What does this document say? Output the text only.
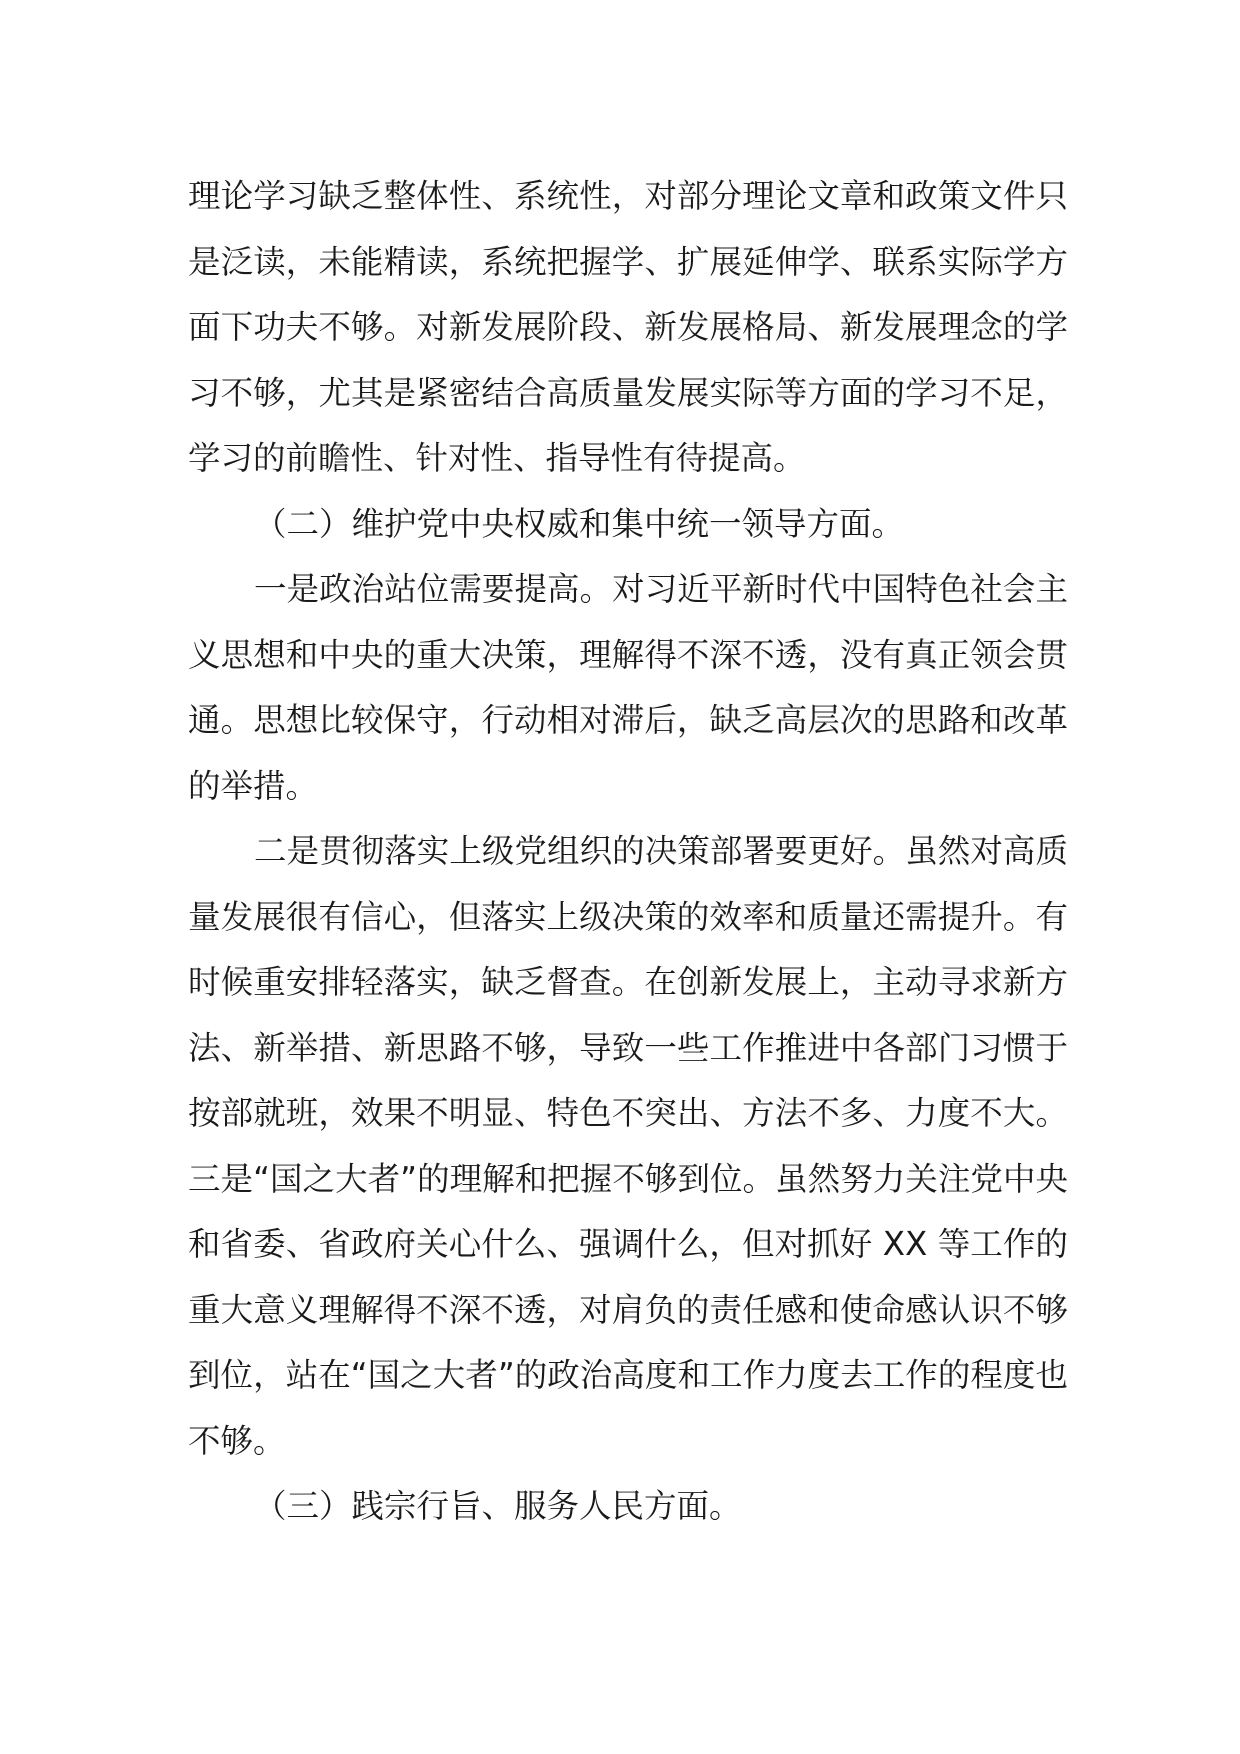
理论学习缺乏整体性、系统性，对部分理论文章和政策文件只是泛读，未能精读，系统把握学、扩展延伸学、联系实际学方面下功夫不够。对新发展阶段、新发展格局、新发展理念的学习不够，尤其是紧密结合高质量发展实际等方面的学习不足，学习的前瞻性、针对性、指导性有待提高。

（二）维护党中央权威和集中统一领导方面。

一是政治站位需要提高。对习近平新时代中国特色社会主义思想和中央的重大决策，理解得不深不透，没有真正领会贯通。思想比较保守，行动相对滞后，缺乏高层次的思路和改革的举措。

二是贯彻落实上级党组织的决策部署要更好。虽然对高质量发展很有信心，但落实上级决策的效率和质量还需提升。有时候重安排轻落实，缺乏督查。在创新发展上，主动寻求新方法、新举措、新思路不够，导致一些工作推进中各部门习惯于按部就班，效果不明显、特色不突出、方法不多、力度不大。三是“国之大者”的理解和把握不够到位。虽然努力关注党中央和省委、省政府关心什么、强调什么，但对抓好 XX 等工作的重大意义理解得不深不透，对肩负的责任感和使命感认识不够到位，站在“国之大者”的政治高度和工作力度去工作的程度也不够。

（三）践宗行旨、服务人民方面。
